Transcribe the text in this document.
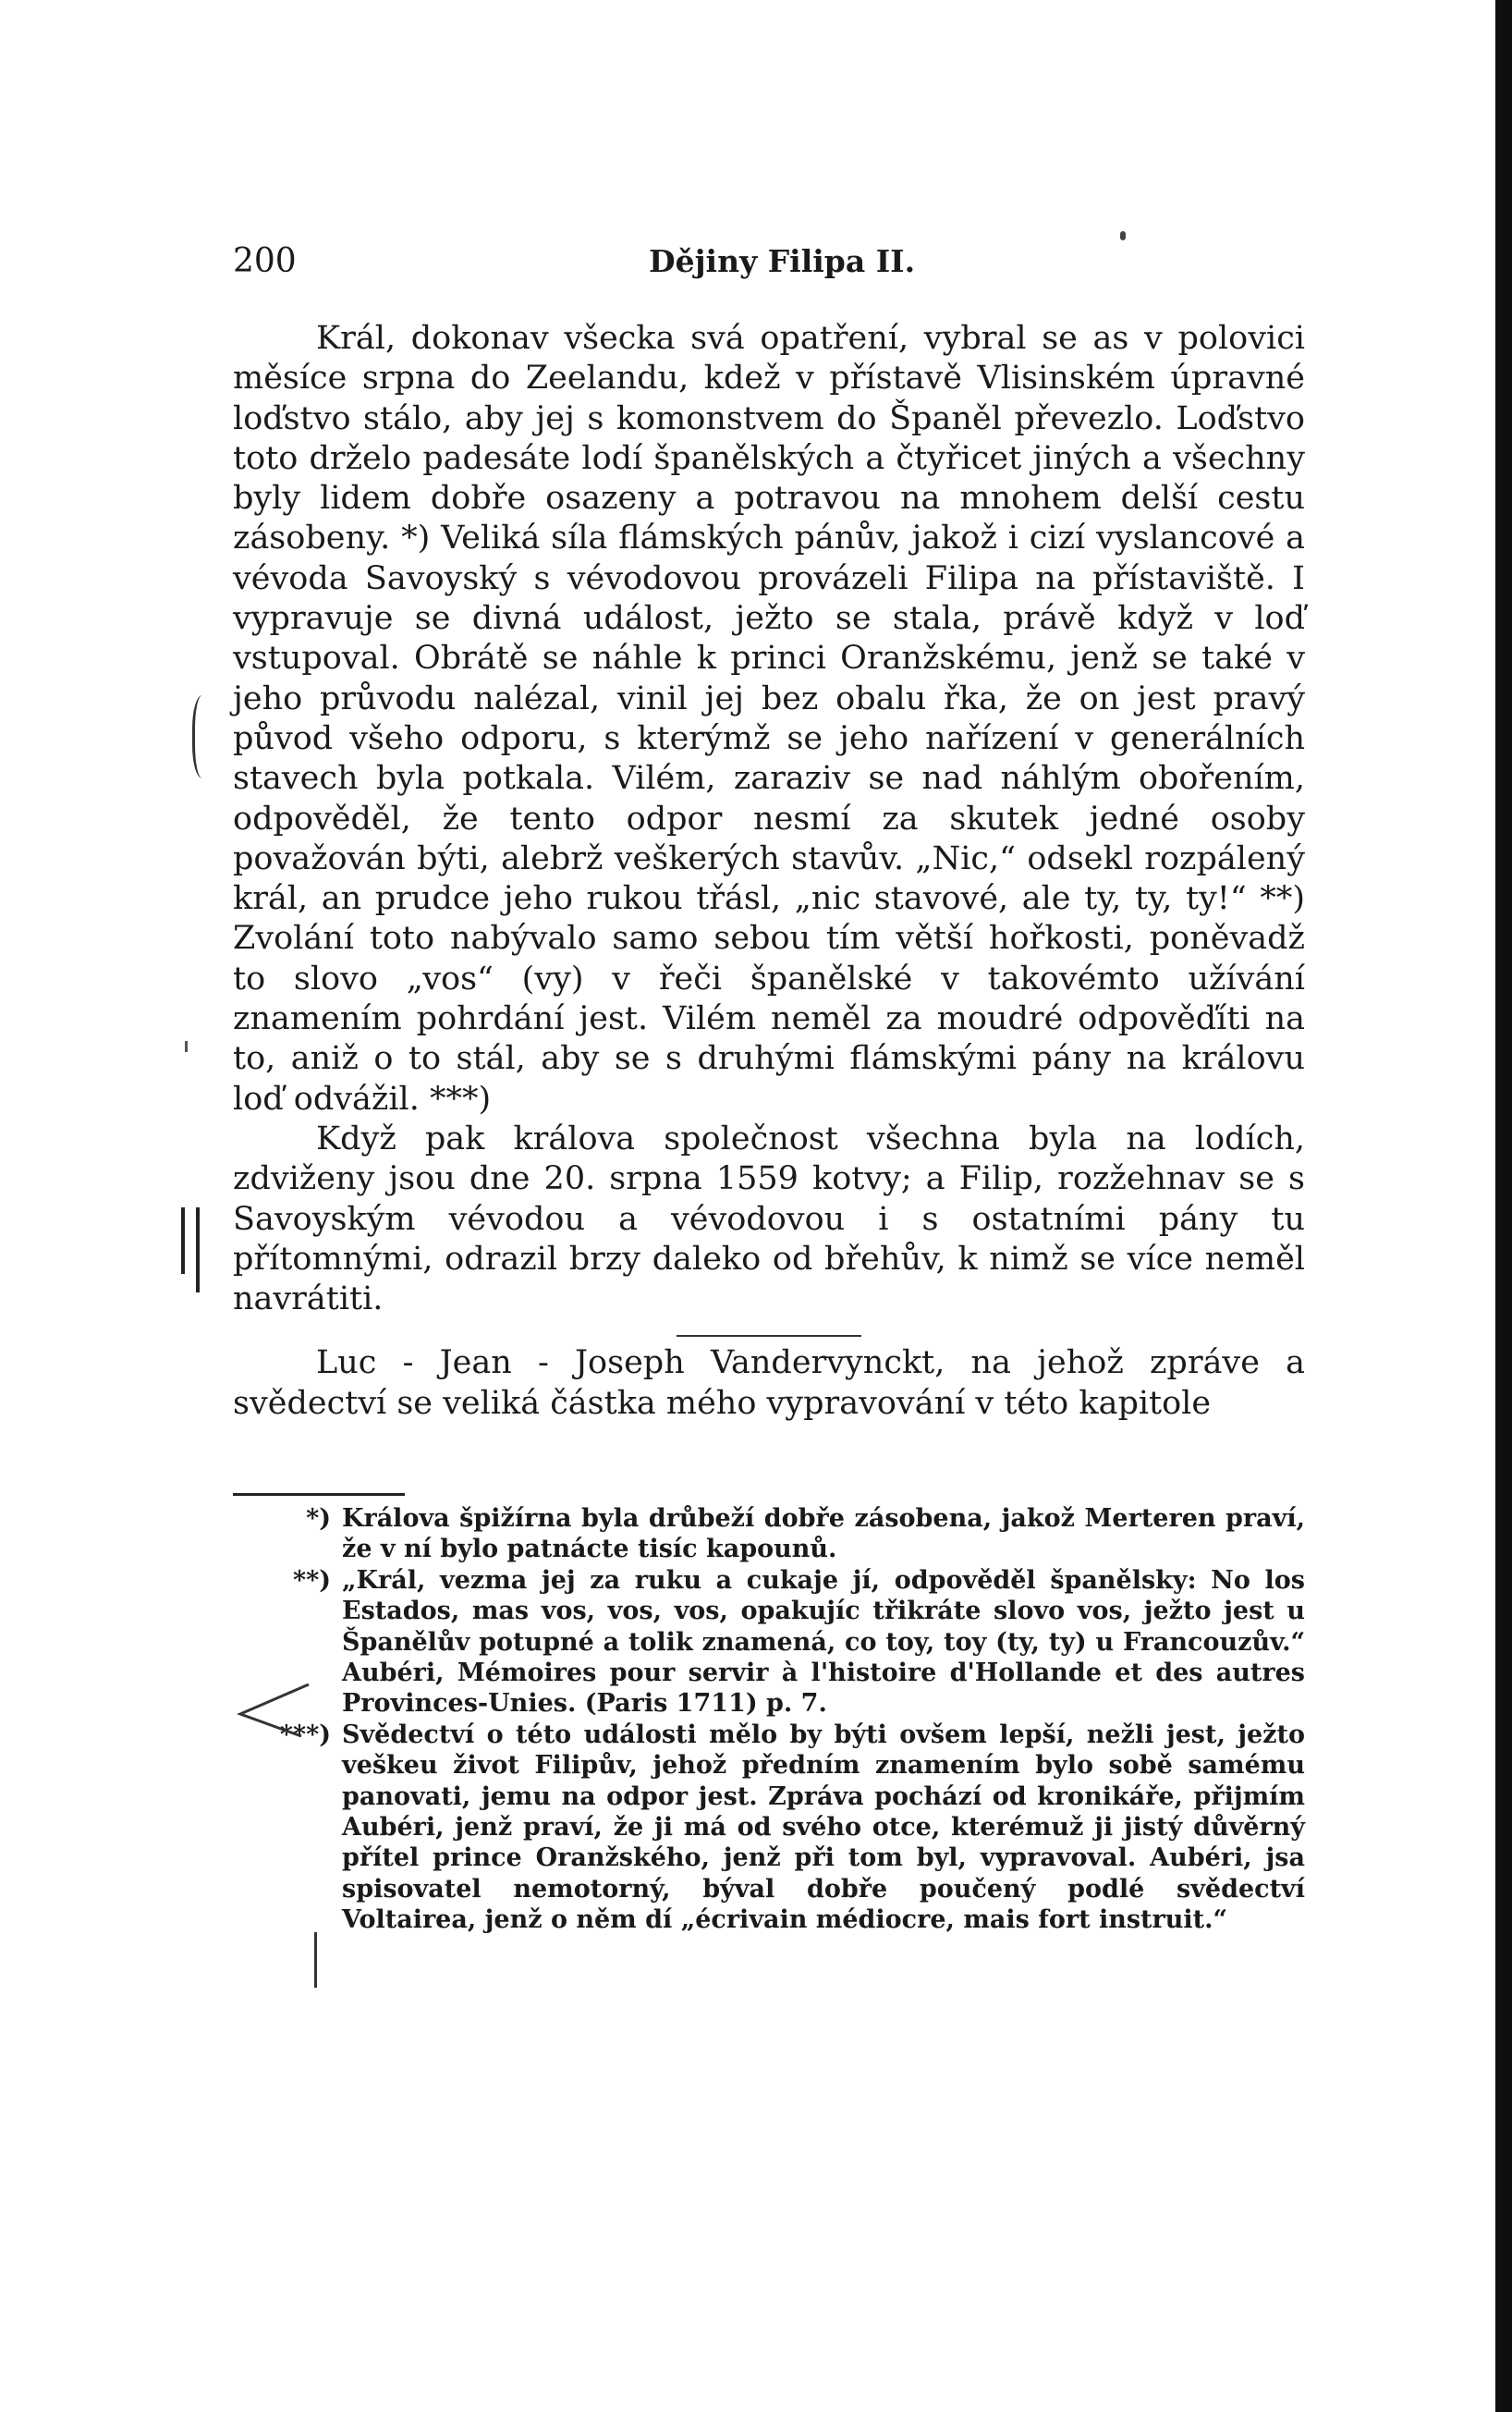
200	Dějiny Filipa II.

Král, dokonav všecka svá opatření, vybral se as v polovici měsíce srpna do Zeelandu, kdež v přístavě Vlisinském úpravné loďstvo stálo, aby jej s komonstvem do Španěl převezlo. Loďstvo toto drželo padesáte lodí španělských a čtyřicet jiných a všechny byly lidem dobře osazeny a potravou na mnohem delší cestu zásobeny. *) Veliká síla flámských pánův, jakož i cizí vyslancové a vévoda Savoyský s vévodovou provázeli Filipa na přístaviště. I vypravuje se divná událost, ježto se stala, právě když v loď vstupoval. Obrátě se náhle k princi Oranžskému, jenž se také v jeho průvodu nalézal, vinil jej bez obalu řka, že on jest pravý původ všeho odporu, s kterýmž se jeho nařízení v generálních stavech byla potkala. Vilém, zaraziv se nad náhlým obořením, odpověděl, že tento odpor nesmí za skutek jedné osoby považován býti, alebrž veškerých stavův. „Nic,“ odsekl rozpálený král, an prudce jeho rukou třásl, „nic stavové, ale ty, ty, ty!“ **) Zvolání toto nabývalo samo sebou tím větší hořkosti, poněvadž to slovo „vos“ (vy) v řeči španělské v takovémto užívání znamením pohrdání jest. Vilém neměl za moudré odpověďíti na to, aniž o to stál, aby se s druhými flámskými pány na královu loď odvážil. ***)

Když pak králova společnost všechna byla na lodích, zdviženy jsou dne 20. srpna 1559 kotvy; a Filip, rozžehnav se s Savoyským vévodou a vévodovou i s ostatními pány tu přítomnými, odrazil brzy daleko od břehův, k nimž se více neměl navrátiti.

Luc - Jean - Joseph Vandervynckt, na jehož zpráve a svědectví se veliká částka mého vypravování v této kapitole

*) Králova špižírna byla drůbeží dobře zásobena, jakož Merteren praví, že v ní bylo patnácte tisíc kapounů.
**) „Král, vezma jej za ruku a cukaje jí, odpověděl španělsky: No los Estados, mas vos, vos, vos, opakujíc třikráte slovo vos, ježto jest u Španělův potupné a tolik znamená, co toy, toy (ty, ty) u Francouzův.“ Aubéri, Mémoires pour servir à l'histoire d'Hollande et des autres Provinces-Unies. (Paris 1711) p. 7.
***) Svědectví o této události mělo by býti ovšem lepší, nežli jest, ježto veškeu život Filipův, jehož předním znamením bylo sobě samému panovati, jemu na odpor jest. Zpráva pochází od kronikáře, přijmím Aubéri, jenž praví, že ji má od svého otce, kterémuž ji jistý důvěrný přítel prince Oranžského, jenž při tom byl, vypravoval. Aubéri, jsa spisovatel nemotorný, býval dobře poučený podlé svědectví Voltairea, jenž o něm dí „écrivain médiocre, mais fort instruit.“
